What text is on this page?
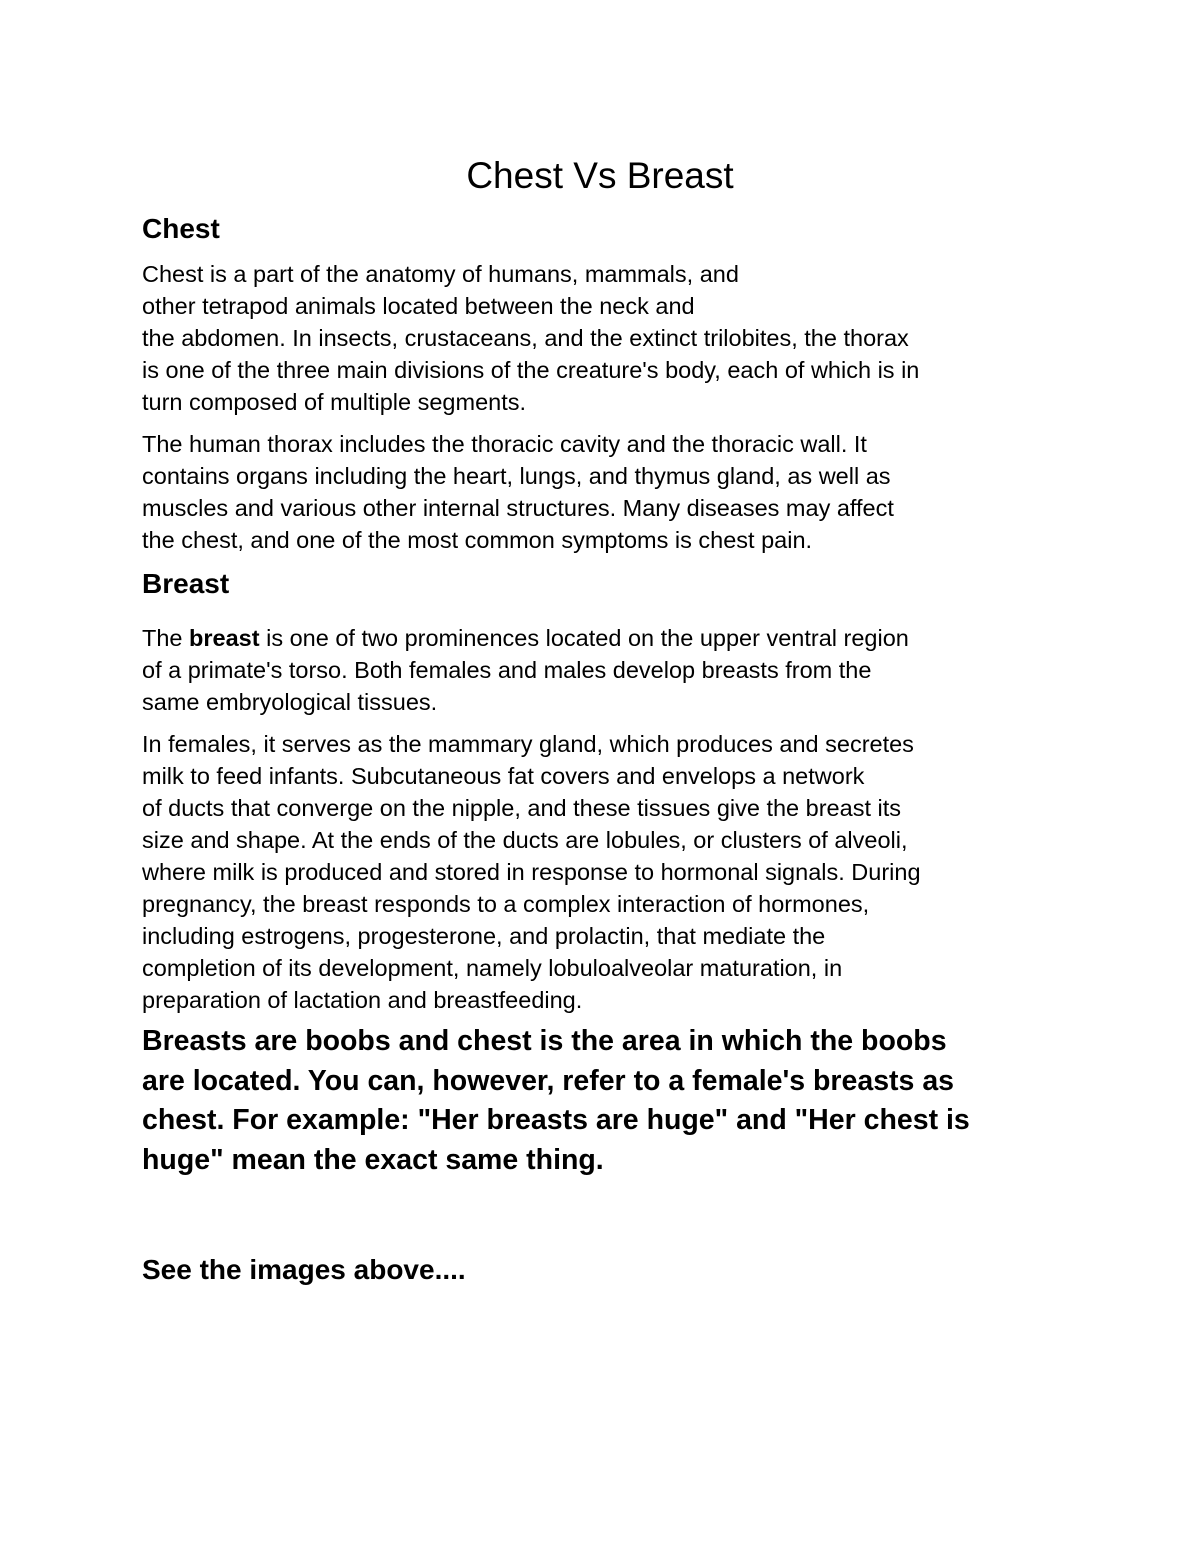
Chest Vs Breast
Chest

Chest is a part of the anatomy of humans, mammals, and
other tetrapod animals located between the neck and
the abdomen. In insects, crustaceans, and the extinct trilobites, the thorax
is one of the three main divisions of the creature's body, each of which is in
turn composed of multiple segments.

The human thorax includes the thoracic cavity and the thoracic wall. It
contains organs including the heart, lungs, and thymus gland, as well as
muscles and various other internal structures. Many diseases may affect
the chest, and one of the most common symptoms is chest pain.

Breast

The breast is one of two prominences located on the upper ventral region
of a primate's torso. Both females and males develop breasts from the
same embryological tissues.

In females, it serves as the mammary gland, which produces and secretes
milk to feed infants. Subcutaneous fat covers and envelops a network
of ducts that converge on the nipple, and these tissues give the breast its
size and shape. At the ends of the ducts are lobules, or clusters of alveoli,
where milk is produced and stored in response to hormonal signals. During
pregnancy, the breast responds to a complex interaction of hormones,
including estrogens, progesterone, and prolactin, that mediate the
completion of its development, namely lobuloalveolar maturation, in
preparation of lactation and breastfeeding.

Breasts are boobs and chest is the area in which the boobs
are located. You can, however, refer to a female's breasts as
chest. For example: "Her breasts are huge" and "Her chest is
huge" mean the exact same thing.

See the images above....
